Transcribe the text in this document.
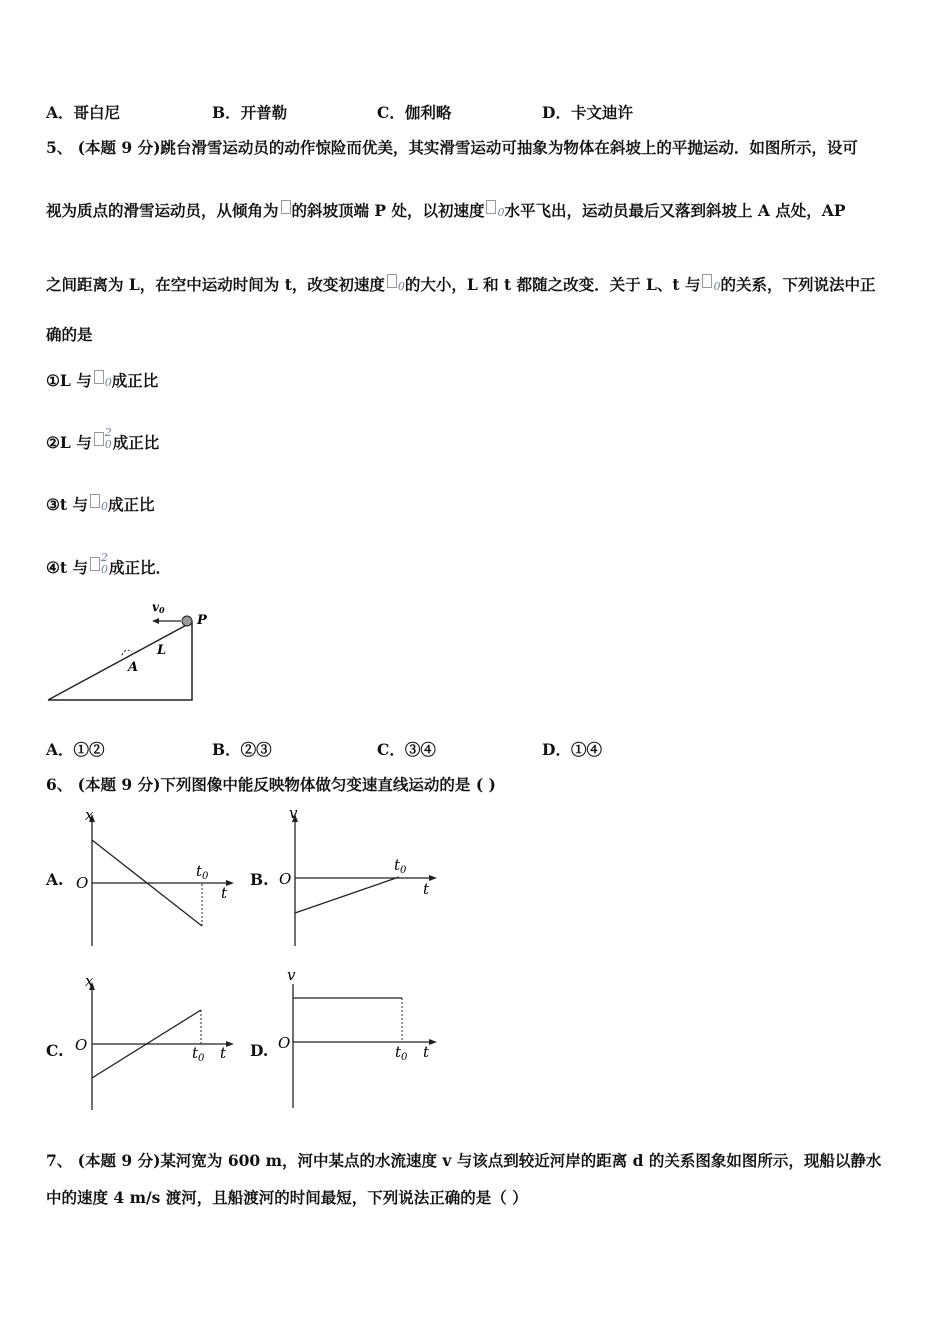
A．哥白尼	B．开普勒	C．伽利略	D．卡文迪许
5、 (本题 9 分)跳台滑雪运动员的动作惊险而优美，其实滑雪运动可抽象为物体在斜坡上的平抛运动．如图所示，设可
视为质点的滑雪运动员，从倾角为 的斜坡顶端 P 处，以初速度 0水平飞出，运动员最后又落到斜坡上 A 点处，AP
之间距离为 L，在空中运动时间为 t，改变初速度 0的大小，L 和 t 都随之改变．关于 L、t 与 0的关系，下列说法中正
确的是
①L 与 0成正比
②L 与 $0^2$成正比
③t 与 0成正比
④t 与 $0^2$成正比．
v0
P
L
A
A．①②	B．②③	C．③④	D．①④
6、 (本题 9 分)下列图像中能反映物体做匀变速直线运动的是 ( )
A.
x
O
t
$t_0$	B.
v
O
t
$t_0$
C.
x
O	t
$t_0$	D.
v
O	t
$t_0$
7、 (本题 9 分)某河宽为 600 m，河中某点的水流速度 v 与该点到较近河岸的距离 d 的关系图象如图所示，现船以静水
中的速度 4 m/s 渡河，且船渡河的时间最短，下列说法正确的是（ ）
